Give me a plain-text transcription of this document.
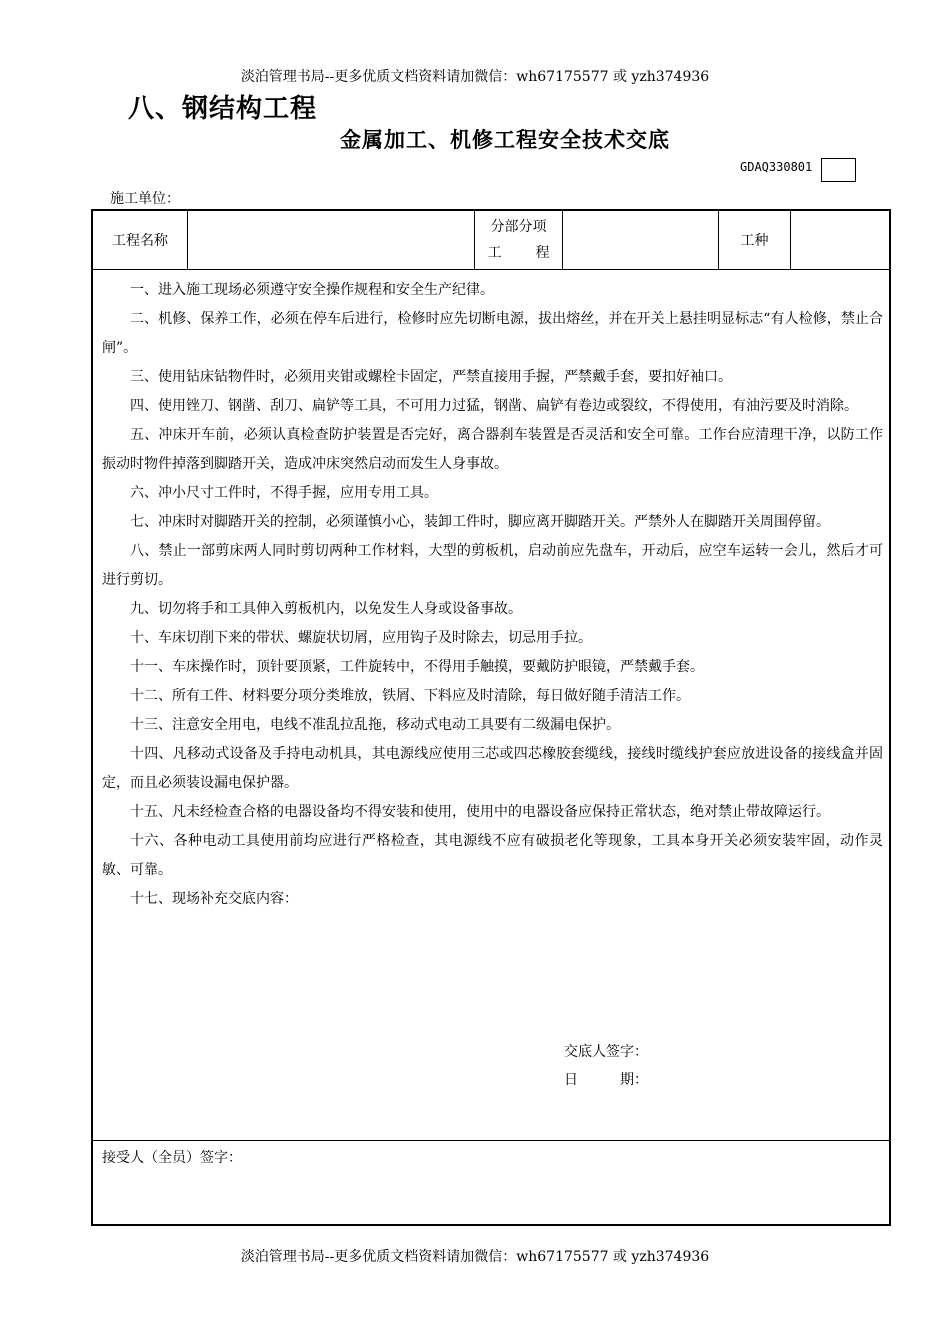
淡泊管理书局--更多优质文档资料请加微信：wh67175577 或 yzh374936
八、钢结构工程
金属加工、机修工程安全技术交底
GDAQ330801
施工单位：
工程名称
分部分项
工 程
工种

一、进入施工现场必须遵守安全操作规程和安全生产纪律。

二、机修、保养工作，必须在停车后进行，检修时应先切断电源，拔出熔丝，并在开关上悬挂明显标志“有人检修，禁止合闸”。

三、使用钻床钻物件时，必须用夹钳或螺栓卡固定，严禁直接用手握，严禁戴手套，要扣好袖口。

四、使用锉刀、钢凿、刮刀、扁铲等工具，不可用力过猛，钢凿、扁铲有卷边或裂纹，不得使用，有油污要及时消除。

五、冲床开车前，必须认真检查防护装置是否完好，离合器刹车装置是否灵活和安全可靠。工作台应清理干净，以防工作振动时物件掉落到脚踏开关，造成冲床突然启动而发生人身事故。

六、冲小尺寸工件时，不得手握，应用专用工具。

七、冲床时对脚踏开关的控制，必须谨慎小心，装卸工件时，脚应离开脚踏开关。严禁外人在脚踏开关周围停留。

八、禁止一部剪床两人同时剪切两种工作材料，大型的剪板机，启动前应先盘车，开动后，应空车运转一会儿，然后才可进行剪切。

九、切勿将手和工具伸入剪板机内，以免发生人身或设备事故。

十、车床切削下来的带状、螺旋状切屑，应用钩子及时除去，切忌用手拉。

十一、车床操作时，顶针要顶紧，工件旋转中，不得用手触摸，要戴防护眼镜，严禁戴手套。

十二、所有工件、材料要分项分类堆放，铁屑、下料应及时清除，每日做好随手清洁工作。

十三、注意安全用电，电线不准乱拉乱拖，移动式电动工具要有二级漏电保护。

十四、凡移动式设备及手持电动机具，其电源线应使用三芯或四芯橡胶套缆线，接线时缆线护套应放进设备的接线盒并固定，而且必须装设漏电保护器。

十五、凡未经检查合格的电器设备均不得安装和使用，使用中的电器设备应保持正常状态，绝对禁止带故障运行。

十六、各种电动工具使用前均应进行严格检查，其电源线不应有破损老化等现象，工具本身开关必须安装牢固，动作灵敏、可靠。

十七、现场补充交底内容：

交底人签字：
日　　　期：
接受人（全员）签字：
淡泊管理书局--更多优质文档资料请加微信：wh67175577 或 yzh374936
